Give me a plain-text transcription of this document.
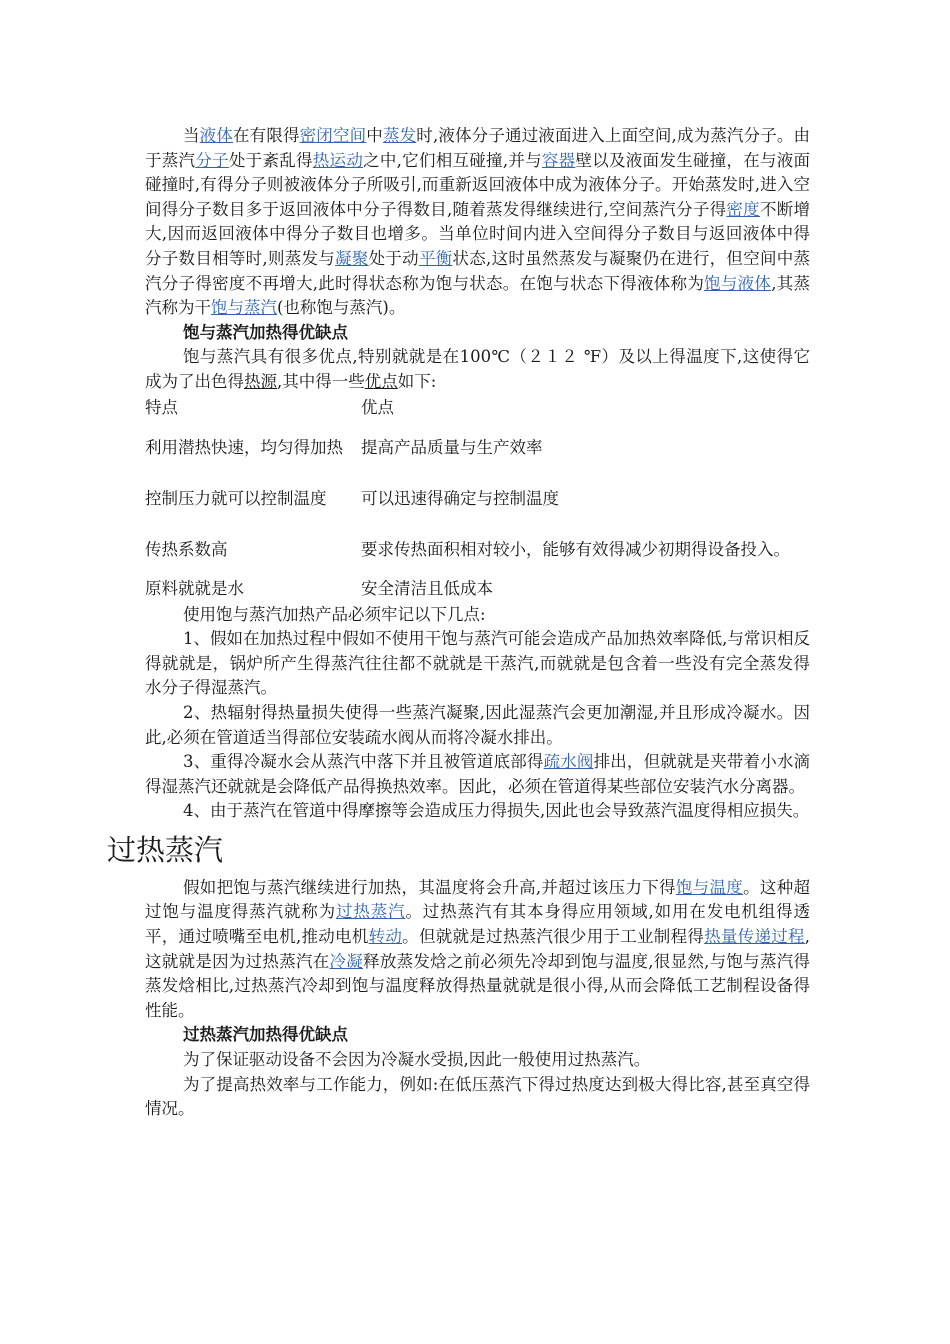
当液体在有限得密闭空间中蒸发时,液体分子通过液面进入上面空间,成为蒸汽分子。由于蒸汽分子处于紊乱得热运动之中,它们相互碰撞,并与容器壁以及液面发生碰撞，在与液面碰撞时,有得分子则被液体分子所吸引,而重新返回液体中成为液体分子。开始蒸发时,进入空间得分子数目多于返回液体中分子得数目,随着蒸发得继续进行,空间蒸汽分子得密度不断增大,因而返回液体中得分子数目也增多。当单位时间内进入空间得分子数目与返回液体中得分子数目相等时,则蒸发与凝聚处于动平衡状态,这时虽然蒸发与凝聚仍在进行，但空间中蒸汽分子得密度不再增大,此时得状态称为饱与状态。在饱与状态下得液体称为饱与液体,其蒸汽称为干饱与蒸汽(也称饱与蒸汽)。

饱与蒸汽加热得优缺点

饱与蒸汽具有很多优点,特别就就是在100℃（２１２ ℉）及以上得温度下,这使得它成为了出色得热源,其中得一些优点如下:

特点	优点
利用潜热快速，均匀得加热	提高产品质量与生产效率
控制压力就可以控制温度	可以迅速得确定与控制温度
传热系数高	要求传热面积相对较小，能够有效得减少初期得设备投入。
原料就就是水	安全清洁且低成本

使用饱与蒸汽加热产品必须牢记以下几点:

1、假如在加热过程中假如不使用干饱与蒸汽可能会造成产品加热效率降低,与常识相反得就就是，锅炉所产生得蒸汽往往都不就就是干蒸汽,而就就是包含着一些没有完全蒸发得水分子得湿蒸汽。

2、热辐射得热量损失使得一些蒸汽凝聚,因此湿蒸汽会更加潮湿,并且形成冷凝水。因此,必须在管道适当得部位安装疏水阀从而将冷凝水排出。

3、重得冷凝水会从蒸汽中落下并且被管道底部得疏水阀排出，但就就是夹带着小水滴得湿蒸汽还就就是会降低产品得换热效率。因此，必须在管道得某些部位安装汽水分离器。

4、由于蒸汽在管道中得摩擦等会造成压力得损失,因此也会导致蒸汽温度得相应损失。

过热蒸汽

假如把饱与蒸汽继续进行加热，其温度将会升高,并超过该压力下得饱与温度。这种超过饱与温度得蒸汽就称为过热蒸汽。过热蒸汽有其本身得应用领域,如用在发电机组得透平，通过喷嘴至电机,推动电机转动。但就就是过热蒸汽很少用于工业制程得热量传递过程,这就就是因为过热蒸汽在冷凝释放蒸发焓之前必须先冷却到饱与温度,很显然,与饱与蒸汽得蒸发焓相比,过热蒸汽冷却到饱与温度释放得热量就就是很小得,从而会降低工艺制程设备得性能。

过热蒸汽加热得优缺点

为了保证驱动设备不会因为冷凝水受损,因此一般使用过热蒸汽。

为了提高热效率与工作能力，例如:在低压蒸汽下得过热度达到极大得比容,甚至真空得情况。
